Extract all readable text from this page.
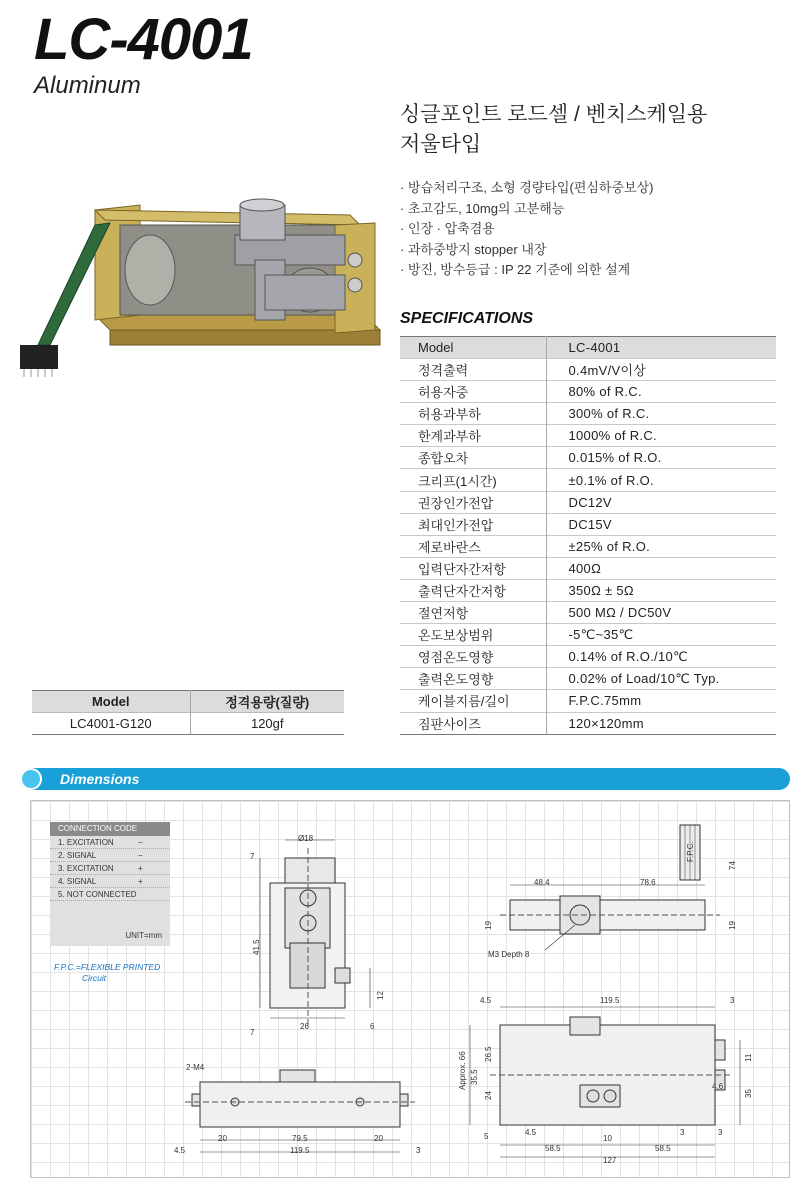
LC-4001
Aluminum
싱글포인트 로드셀 / 벤치스케일용
저울타입
· 방습처리구조, 소형 경량타입(편심하중보상)
· 초고감도, 10mg의 고분해능
· 인장 · 압축겸용
· 과하중방지 stopper 내장
· 방진, 방수등급 : IP 22 기준에 의한 설계
SPECIFICATIONS
Model	LC-4001
정격출력	0.4mV/V이상
허용자중	80% of R.C.
허용과부하	300% of R.C.
한계과부하	1000% of R.C.
종합오차	0.015% of R.O.
크리프(1시간)	±0.1% of R.O.
권장인가전압	DC12V
최대인가전압	DC15V
제로바란스	±25% of R.O.
입력단자간저항	400Ω
출력단자간저항	350Ω ± 5Ω
절연저항	500 MΩ / DC50V
온도보상범위	-5℃~35℃
영점온도영향	0.14% of R.O./10℃
출력온도영향	0.02% of Load/10℃ Typ.
케이블지름/길이	F.P.C.75mm
짐판사이즈	120×120mm
Model	정격용량(질량)
LC4001-G120	120gf
Dimensions
CONNECTION CODE
1. EXCITATION	−
2. SIGNAL	−
3. EXCITATION	+
4. SIGNAL	+
5. NOT CONNECTED
UNIT=mm
F.P.C.=FLEXIBLE PRINTED
Circuit
Ø18
7
41.5
7
12
26	6
48.4	78.6
74
19	19
M3 Depth 8
F.P.C.
4.5	119.5	3
Approx. 66 26.5
35.5
24
5
11
35
4.6
4.5
10
3	3
58.5	58.5
127
2-M4
20	79.5	20
4.5	119.5	3
